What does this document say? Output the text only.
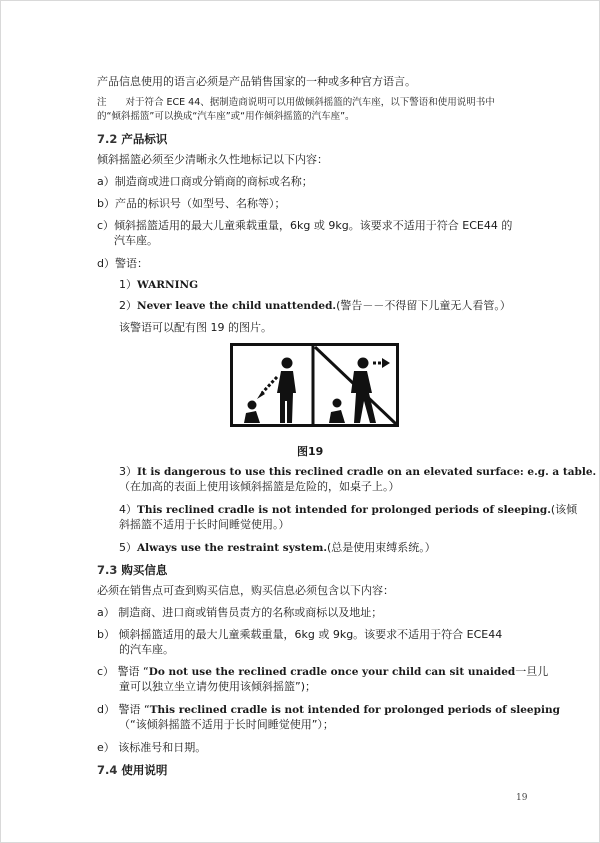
产品信息使用的语言必须是产品销售国家的一种或多种官方语言。
注　　对于符合 ECE 44、据制造商说明可以用做倾斜摇篮的汽车座，以下警语和使用说明书中
的“倾斜摇篮”可以换成“汽车座”或“用作倾斜摇篮的汽车座”。
7.2 产品标识
倾斜摇篮必须至少清晰永久性地标记以下内容：
a）制造商或进口商或分销商的商标或名称；
b）产品的标识号（如型号、名称等）；
c）倾斜摇篮适用的最大儿童乘载重量，6kg 或 9kg。该要求不适用于符合 ECE44 的
汽车座。
d）警语：
1）WARNING
2）Never leave the child unattended.(警告－－不得留下儿童无人看管。）
该警语可以配有图 19 的图片。
图19
3）It is dangerous to use this reclined cradle on an elevated surface: e.g. a table.
（在加高的表面上使用该倾斜摇篮是危险的，如桌子上。）
4）This reclined cradle is not intended for prolonged periods of sleeping.(该倾
斜摇篮不适用于长时间睡觉使用。）
5）Always use the restraint system.(总是使用束缚系统。）
7.3 购买信息
必须在销售点可查到购买信息，购买信息必须包含以下内容：
a） 制造商、进口商或销售员责方的名称或商标以及地址；
b） 倾斜摇篮适用的最大儿童乘载重量，6kg 或 9kg。该要求不适用于符合 ECE44
的汽车座。
c） 警语 “Do not use the reclined cradle once your child can sit unaided一旦儿
童可以独立坐立请勿使用该倾斜摇篮”)；
d） 警语 “This reclined cradle is not intended for prolonged periods of sleeping
（“该倾斜摇篮不适用于长时间睡觉使用”）；
e） 该标准号和日期。
7.4 使用说明
19
